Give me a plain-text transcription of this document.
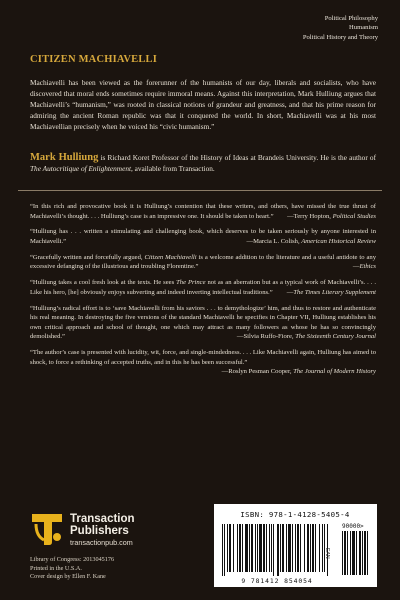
Political Philosophy
Humanism
Political History and Theory
CITIZEN MACHIAVELLI

Machiavelli has been viewed as the forerunner of the humanists of our day, liberals and socialists, who have discovered that moral ends sometimes require immoral means. Against this interpretation, Mark Hulliung argues that Machiavelli’s “humanism,” was rooted in classical notions of grandeur and greatness, and that his prime reason for admiring the ancient Roman republic was that it conquered the world. In short, Machiavelli was at his most Machiavellian precisely when he voiced his “civic humanism.”

Mark Hulliung is Richard Koret Professor of the History of Ideas at Brandeis University. He is the author of The Autocritique of Enlightenment, available from Transaction.

“In this rich and provocative book it is Hulliung’s contention that these writers, and others, have missed the true thrust of Machiavelli’s thought. . . . Hulliung’s case is an impressive one. It should be taken to heart.”	— Terry Hopton, Political Studies

“Hulliung has . . . written a stimulating and challenging book, which deserves to be taken seriously by anyone interested in Machiavelli.”	— Marcia L. Colish, American Historical Review

“Gracefully written and forcefully argued, Citizen Machiavelli is a welcome addition to the literature and a useful antidote to any excessive defanging of the illustrious and troubling Florentine.”	— Ethics

“Hulliung takes a cool fresh look at the texts. He sees The Prince not as an aberration but as a typical work of Machiavelli’s. . . . Like his hero, [he] obviously enjoys subverting and indeed inverting intellectual traditions.”	— The Times Literary Supplement

“Hulliung’s radical effort is to ‘save Machiavelli from his saviors . . . to demythologize’ him, and thus to restore and authenticate his real meaning. In destroying the five versions of the standard Machiavelli he specifies in Chapter VII, Hulliung establishes his own critical approach and school of thought, one which may attract as many followers as whose he has so convincingly demolished.”	— Silvia Ruffo-Fiore, The Sixteenth Century Journal

“The author’s case is presented with lucidity, wit, force, and single-mindedness. . . . Like Machiavelli again, Hulliung has aimed to shock, to force a rethinking of accepted truths, and in this he has been successful.”
— Roslyn Pesman Cooper, The Journal of Modern History

Transaction
Publishers
transactionpub.com
Library of Congress: 2013045176
Printed in the U.S.A.
Cover design by Ellen F. Kane
ISBN: 978-1-4128-5405-4
EAN
90000>
9 781412 854054
